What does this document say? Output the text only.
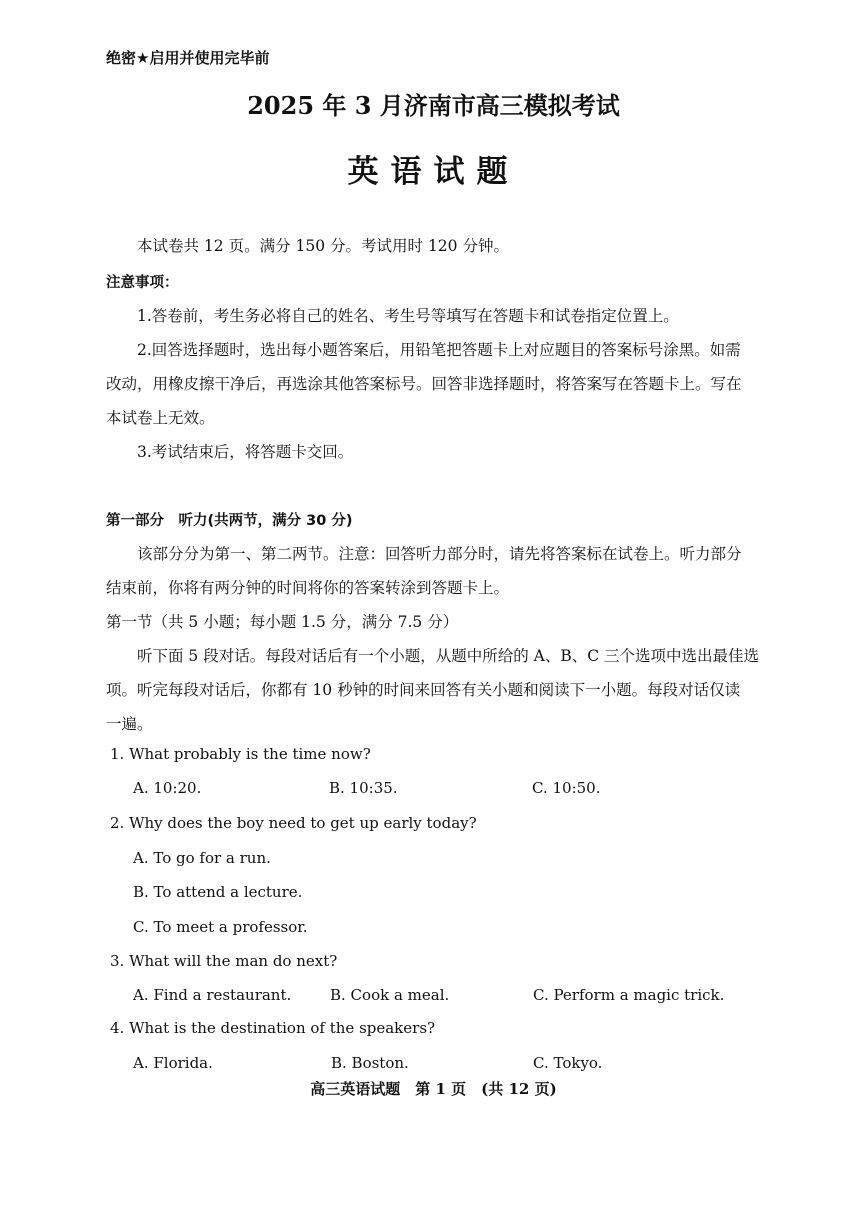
绝密★启用并使用完毕前
2025 年 3 月济南市高三模拟考试
英语试题
本试卷共 12 页。满分 150 分。考试用时 120 分钟。
注意事项：
1.答卷前，考生务必将自己的姓名、考生号等填写在答题卡和试卷指定位置上。
2.回答选择题时，选出每小题答案后，用铅笔把答题卡上对应题目的答案标号涂黑。如需
改动，用橡皮擦干净后，再选涂其他答案标号。回答非选择题时，将答案写在答题卡上。写在
本试卷上无效。
3.考试结束后，将答题卡交回。
第一部分　听力(共两节，满分 30 分)
该部分分为第一、第二两节。注意：回答听力部分时，请先将答案标在试卷上。听力部分
结束前，你将有两分钟的时间将你的答案转涂到答题卡上。
第一节（共 5 小题；每小题 1.5 分，满分 7.5 分）
听下面 5 段对话。每段对话后有一个小题，从题中所给的 A、B、C 三个选项中选出最佳选
项。听完每段对话后，你都有 10 秒钟的时间来回答有关小题和阅读下一小题。每段对话仅读
一遍。
1. What probably is the time now?
A. 10:20.	B. 10:35.	C. 10:50.
2. Why does the boy need to get up early today?
A. To go for a run.
B. To attend a lecture.
C. To meet a professor.
3. What will the man do next?
A. Find a restaurant.	B. Cook a meal.	C. Perform a magic trick.
4. What is the destination of the speakers?
A. Florida.	B. Boston.	C. Tokyo.
高三英语试题　第 1 页　(共 12 页)
